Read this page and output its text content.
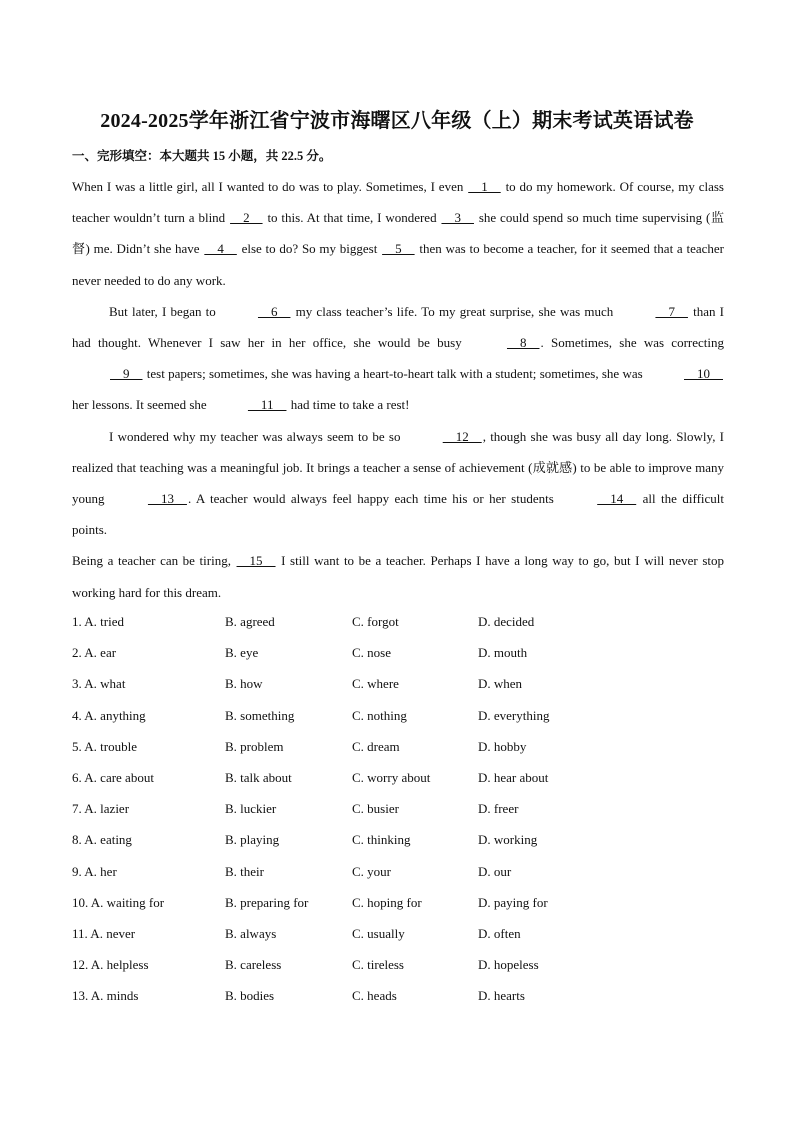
2024-2025学年浙江省宁波市海曙区八年级（上）期末考试英语试卷
一、完形填空：本大题共 15 小题，共 22.5 分。

When I was a little girl, all I wanted to do was to play. Sometimes, I even     1     to do my homework. Of course, my class teacher wouldn’t turn a blind     2     to this. At that time, I wondered     3     she could spend so much time supervising (监督) me. Didn’t she have     4     else to do? So my biggest     5     then was to become a teacher, for it seemed that a teacher never needed to do any work.

But later, I began to	6     my class teacher’s life. To my great surprise, she was much	7     than I had thought. Whenever I saw her in her office, she would be busy	8    . Sometimes, she was correcting     9     test papers; sometimes, she was having a heart-to-heart talk with a student; sometimes, she was	10     her lessons. It seemed she	11     had time to take a rest!

I wondered why my teacher was always seem to be so	12    , though she was busy all day long. Slowly, I realized that teaching was a meaningful job. It brings a teacher a sense of achievement (成就感) to be able to improve many young	13    . A teacher would always feel happy each time his or her students	14     all the difficult points.

Being a teacher can be tiring,     15     I still want to be a teacher. Perhaps I have a long way to go, but I will never stop working hard for this dream.

1. A. tried	B. agreed	C. forgot	D. decided
2. A. ear	B. eye	C. nose	D. mouth
3. A. what	B. how	C. where	D. when
4. A. anything	B. something	C. nothing	D. everything
5. A. trouble	B. problem	C. dream	D. hobby
6. A. care about	B. talk about	C. worry about	D. hear about
7. A. lazier	B. luckier	C. busier	D. freer
8. A. eating	B. playing	C. thinking	D. working
9. A. her	B. their	C. your	D. our
10. A. waiting for	B. preparing for	C. hoping for	D. paying for
11. A. never	B. always	C. usually	D. often
12. A. helpless	B. careless	C. tireless	D. hopeless
13. A. minds	B. bodies	C. heads	D. hearts
